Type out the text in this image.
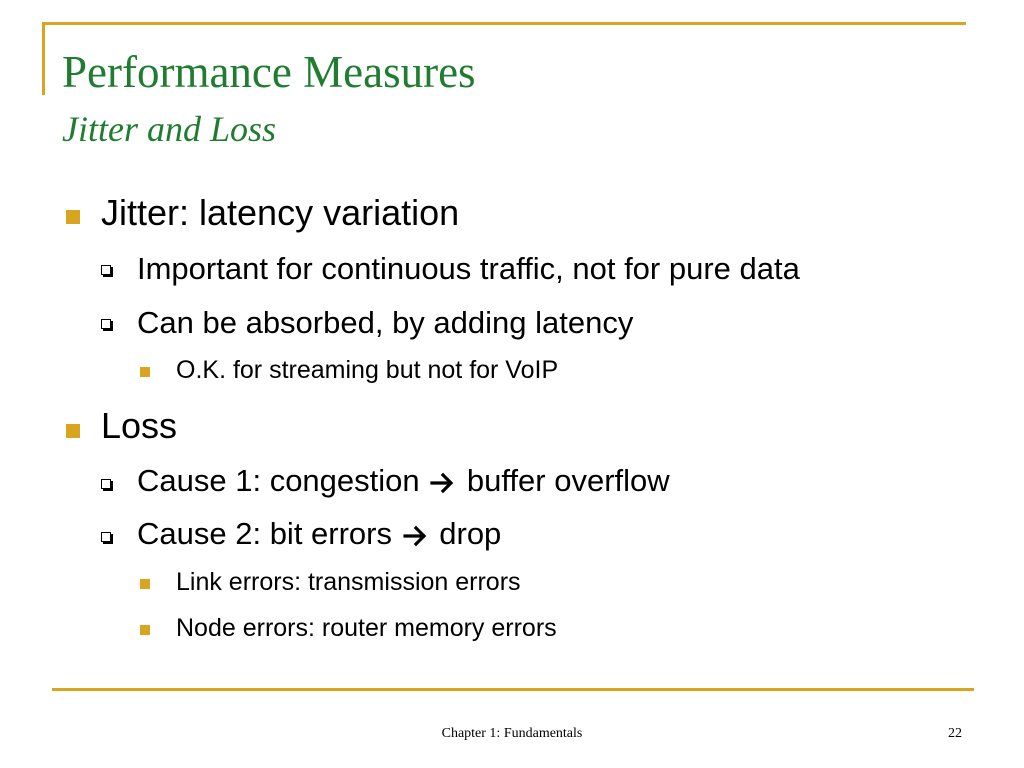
Performance Measures
Jitter and Loss
Jitter: latency variation
Important for continuous traffic, not for pure data
Can be absorbed, by adding latency
O.K. for streaming but not for VoIP
Loss
Cause 1: congestion buffer overflow
Cause 2: bit errors drop
Link errors: transmission errors
Node errors: router memory errors
Chapter 1: Fundamentals	22
